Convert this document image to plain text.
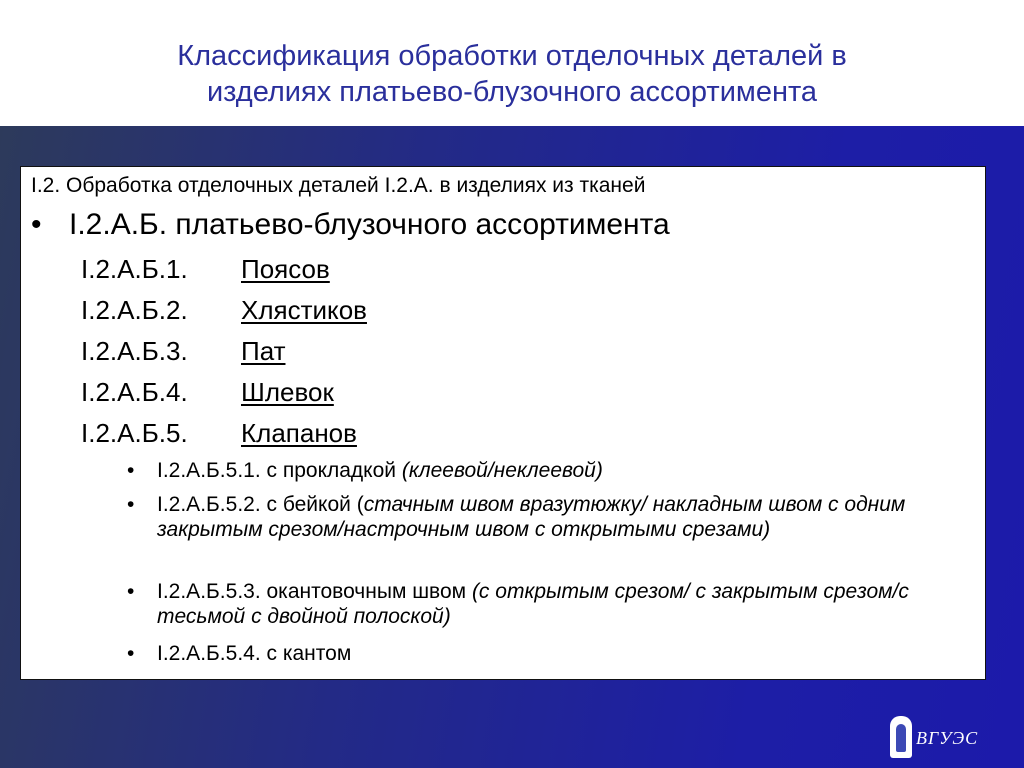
Классификация обработки отделочных деталей в
изделиях платьево-блузочного ассортимента
I.2. Обработка отделочных деталей I.2.А. в изделиях из тканей
• I.2.А.Б. платьево-блузочного ассортимента
I.2.А.Б.1. Поясов
I.2.А.Б.2. Хлястиков
I.2.А.Б.3. Пат
I.2.А.Б.4. Шлевок
I.2.А.Б.5. Клапанов
• I.2.А.Б.5.1. с прокладкой (клеевой/неклеевой)
• I.2.А.Б.5.2. с бейкой (стачным швом вразутюжку/ накладным швом с одним закрытым срезом/настрочным швом с открытыми срезами)
• I.2.А.Б.5.3. окантовочным швом (с открытым срезом/ с закрытым срезом/с тесьмой с двойной полоской)
• I.2.А.Б.5.4. с кантом
ВГУЭС
